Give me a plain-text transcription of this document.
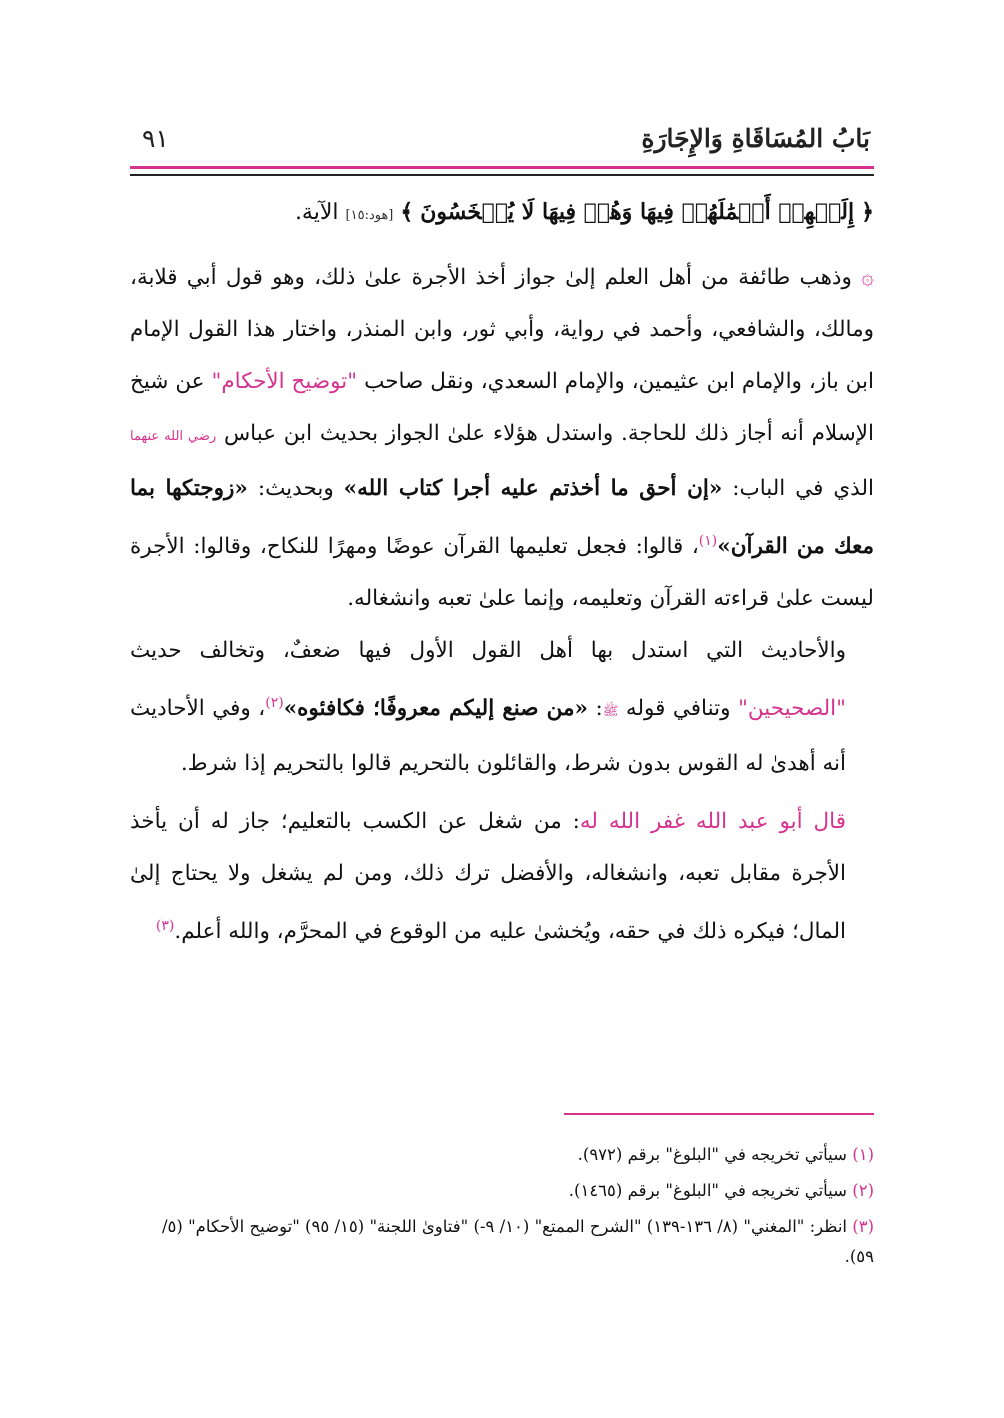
بَابُ المُسَاقَاةِ وَالإِجَارَةِ
٩١

﴿ إِلَيۡهِمۡ أَعۡمَٰلَهُمۡ فِيهَا وَهُمۡ فِيهَا لَا يُبۡخَسُونَ ﴾ [هود:١٥] الآية.

۞ وذهب طائفة من أهل العلم إلىٰ جواز أخذ الأجرة علىٰ ذلك، وهو قول أبي قلابة، ومالك، والشافعي، وأحمد في رواية، وأبي ثور، وابن المنذر، واختار هذا القول الإمام ابن باز، والإمام ابن عثيمين، والإمام السعدي، ونقل صاحب "توضيح الأحكام" عن شيخ الإسلام أنه أجاز ذلك للحاجة. واستدل هؤلاء علىٰ الجواز بحديث ابن عباس رضي الله عنهما الذي في الباب: «إن أحق ما أخذتم عليه أجرا كتاب الله» وبحديث: «زوجتكها بما معك من القرآن»$^{(١)}$، قالوا: فجعل تعليمها القرآن عوضًا ومهرًا للنكاح، وقالوا: الأجرة ليست علىٰ قراءته القرآن وتعليمه، وإنما علىٰ تعبه وانشغاله.

والأحاديث التي استدل بها أهل القول الأول فيها ضعفٌ، وتخالف حديث "الصحيحين" وتنافي قوله ﷺ: «من صنع إليكم معروفًا؛ فكافئوه»$^{(٢)}$، وفي الأحاديث أنه أهدىٰ له القوس بدون شرط، والقائلون بالتحريم قالوا بالتحريم إذا شرط.

قال أبو عبد الله غفر الله له: من شغل عن الكسب بالتعليم؛ جاز له أن يأخذ الأجرة مقابل تعبه، وانشغاله، والأفضل ترك ذلك، ومن لم يشغل ولا يحتاج إلىٰ المال؛ فيكره ذلك في حقه، ويُخشىٰ عليه من الوقوع في المحرَّم، والله أعلم.$^{(٣)}$

(١) سيأتي تخريجه في "البلوغ" برقم (٩٧٢).

(٢) سيأتي تخريجه في "البلوغ" برقم (١٤٦٥).

(٣) انظر: "المغني" (٨/ ١٣٦-١٣٩) "الشرح الممتع" (١٠/ ٩-) "فتاوىٰ اللجنة" (١٥/ ٩٥) "توضيح الأحكام" (٥/ ٥٩).
